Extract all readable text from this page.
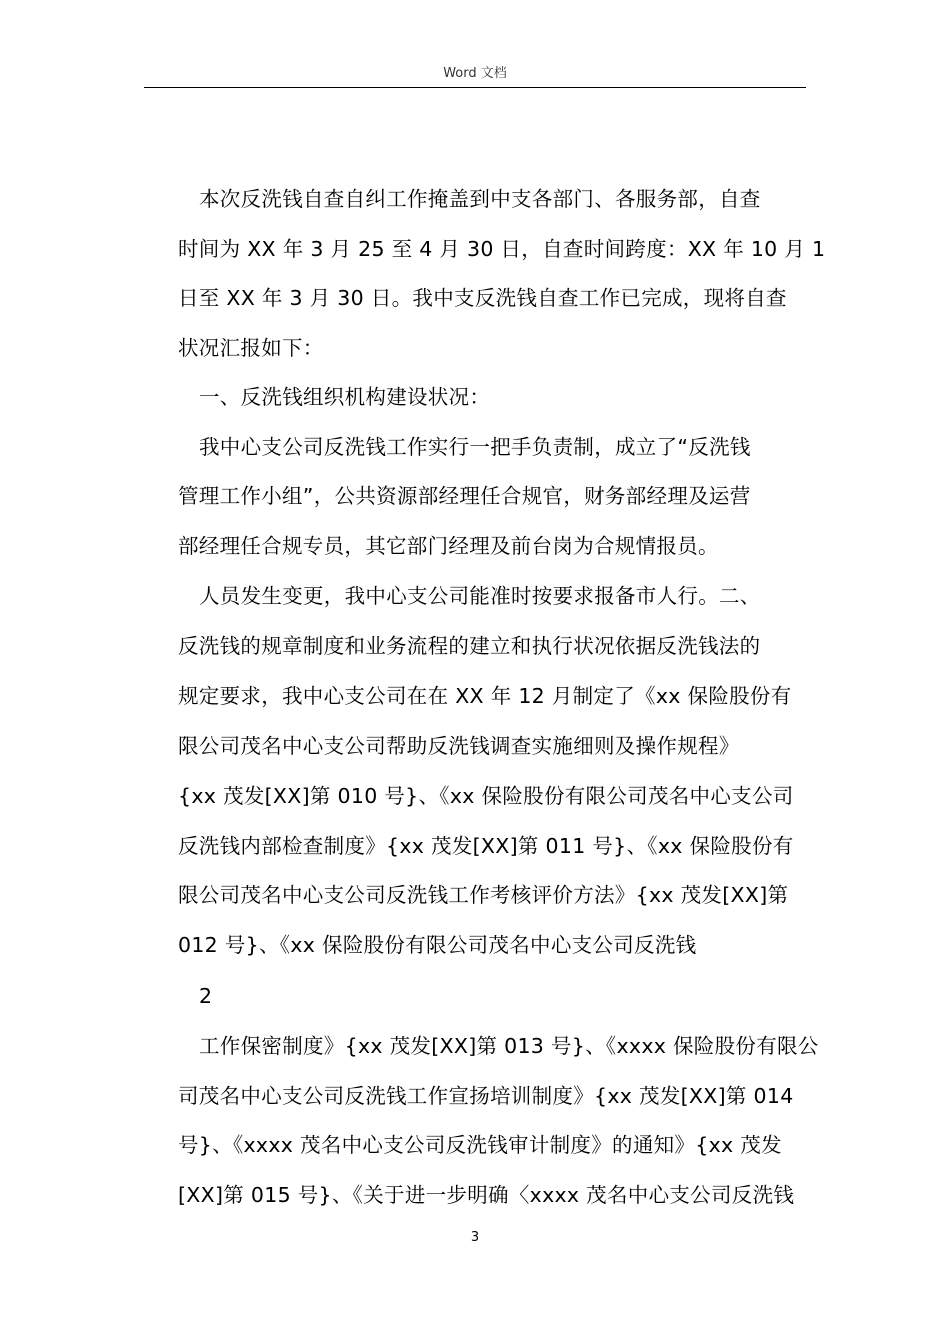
Word 文档
本次反洗钱自查自纠工作掩盖到中支各部门、各服务部，自查
时间为 XX 年 3 月 25 至 4 月 30 日，自查时间跨度：XX 年 10 月 1
日至 XX 年 3 月 30 日。我中支反洗钱自查工作已完成，现将自查
状况汇报如下：
一、反洗钱组织机构建设状况：
我中心支公司反洗钱工作实行一把手负责制，成立了“反洗钱
管理工作小组”，公共资源部经理任合规官，财务部经理及运营
部经理任合规专员，其它部门经理及前台岗为合规情报员。
人员发生变更，我中心支公司能准时按要求报备市人行。二、
反洗钱的规章制度和业务流程的建立和执行状况依据反洗钱法的
规定要求，我中心支公司在在 XX 年 12 月制定了《xx 保险股份有
限公司茂名中心支公司帮助反洗钱调查实施细则及操作规程》
{xx 茂发[XX]第 010 号}、《xx 保险股份有限公司茂名中心支公司
反洗钱内部检查制度》{xx 茂发[XX]第 011 号}、《xx 保险股份有
限公司茂名中心支公司反洗钱工作考核评价方法》{xx 茂发[XX]第
012 号}、《xx 保险股份有限公司茂名中心支公司反洗钱
2
工作保密制度》{xx 茂发[XX]第 013 号}、《xxxx 保险股份有限公
司茂名中心支公司反洗钱工作宣扬培训制度》{xx 茂发[XX]第 014
号}、《xxxx 茂名中心支公司反洗钱审计制度》的通知》{xx 茂发
[XX]第 015 号}、《关于进一步明确〈xxxx 茂名中心支公司反洗钱
3
